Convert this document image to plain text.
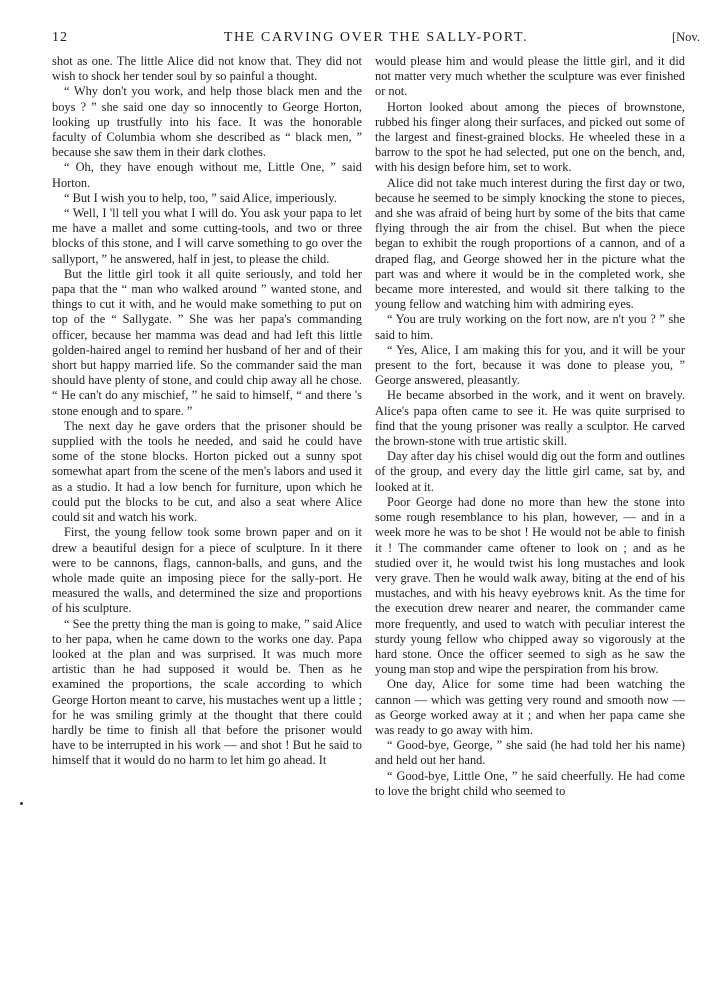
12	THE CARVING OVER THE SALLY-PORT.	[Nov.

shot as one. The little Alice did not know that. They did not wish to shock her tender soul by so painful a thought.

“ Why don't you work, and help those black men and the boys ? ” she said one day so innocently to George Horton, looking up trustfully into his face. It was the honorable faculty of Columbia whom she described as “ black men, ” because she saw them in their dark clothes.

“ Oh, they have enough without me, Little One, ” said Horton.

“ But I wish you to help, too, ” said Alice, imperiously.

“ Well, I 'll tell you what I will do. You ask your papa to let me have a mallet and some cutting-tools, and two or three blocks of this stone, and I will carve something to go over the sallyport, ” he answered, half in jest, to please the child.

But the little girl took it all quite seriously, and told her papa that the “ man who walked around ” wanted stone, and things to cut it with, and he would make something to put on top of the “ Sallygate. ” She was her papa's commanding officer, because her mamma was dead and had left this little golden-haired angel to remind her husband of her and of their short but happy married life. So the commander said the man should have plenty of stone, and could chip away all he chose. “ He can't do any mischief, ” he said to himself, “ and there 's stone enough and to spare. ”

The next day he gave orders that the prisoner should be supplied with the tools he needed, and said he could have some of the stone blocks. Horton picked out a sunny spot somewhat apart from the scene of the men's labors and used it as a studio. It had a low bench for furniture, upon which he could put the blocks to be cut, and also a seat where Alice could sit and watch his work.

First, the young fellow took some brown paper and on it drew a beautiful design for a piece of sculpture. In it there were to be cannons, flags, cannon-balls, and guns, and the whole made quite an imposing piece for the sally-port. He measured the walls, and determined the size and proportions of his sculpture.

“ See the pretty thing the man is going to make, ” said Alice to her papa, when he came down to the works one day. Papa looked at the plan and was surprised. It was much more artistic than he had supposed it would be. Then as he examined the proportions, the scale according to which George Horton meant to carve, his mustaches went up a little ; for he was smiling grimly at the thought that there could hardly be time to finish all that before the prisoner would have to be interrupted in his work — and shot ! But he said to himself that it would do no harm to let him go ahead. It

would please him and would please the little girl, and it did not matter very much whether the sculpture was ever finished or not.

Horton looked about among the pieces of brownstone, rubbed his finger along their surfaces, and picked out some of the largest and finest-grained blocks. He wheeled these in a barrow to the spot he had selected, put one on the bench, and, with his design before him, set to work.

Alice did not take much interest during the first day or two, because he seemed to be simply knocking the stone to pieces, and she was afraid of being hurt by some of the bits that came flying through the air from the chisel. But when the piece began to exhibit the rough proportions of a cannon, and of a draped flag, and George showed her in the picture what the part was and where it would be in the completed work, she became more interested, and would sit there talking to the young fellow and watching him with admiring eyes.

“ You are truly working on the fort now, are n't you ? ” she said to him.

“ Yes, Alice, I am making this for you, and it will be your present to the fort, because it was done to please you, ” George answered, pleasantly.

He became absorbed in the work, and it went on bravely. Alice's papa often came to see it. He was quite surprised to find that the young prisoner was really a sculptor. He carved the brown-stone with true artistic skill.

Day after day his chisel would dig out the form and outlines of the group, and every day the little girl came, sat by, and looked at it.

Poor George had done no more than hew the stone into some rough resemblance to his plan, however, — and in a week more he was to be shot ! He would not be able to finish it ! The commander came oftener to look on ; and as he studied over it, he would twist his long mustaches and look very grave. Then he would walk away, biting at the end of his mustaches, and with his heavy eyebrows knit. As the time for the execution drew nearer and nearer, the commander came more frequently, and used to watch with peculiar interest the sturdy young fellow who chipped away so vigorously at the hard stone. Once the officer seemed to sigh as he saw the young man stop and wipe the perspiration from his brow.

One day, Alice for some time had been watching the cannon — which was getting very round and smooth now — as George worked away at it ; and when her papa came she was ready to go away with him.

“ Good-bye, George, ” she said (he had told her his name) and held out her hand.

“ Good-bye, Little One, ” he said cheerfully. He had come to love the bright child who seemed to
